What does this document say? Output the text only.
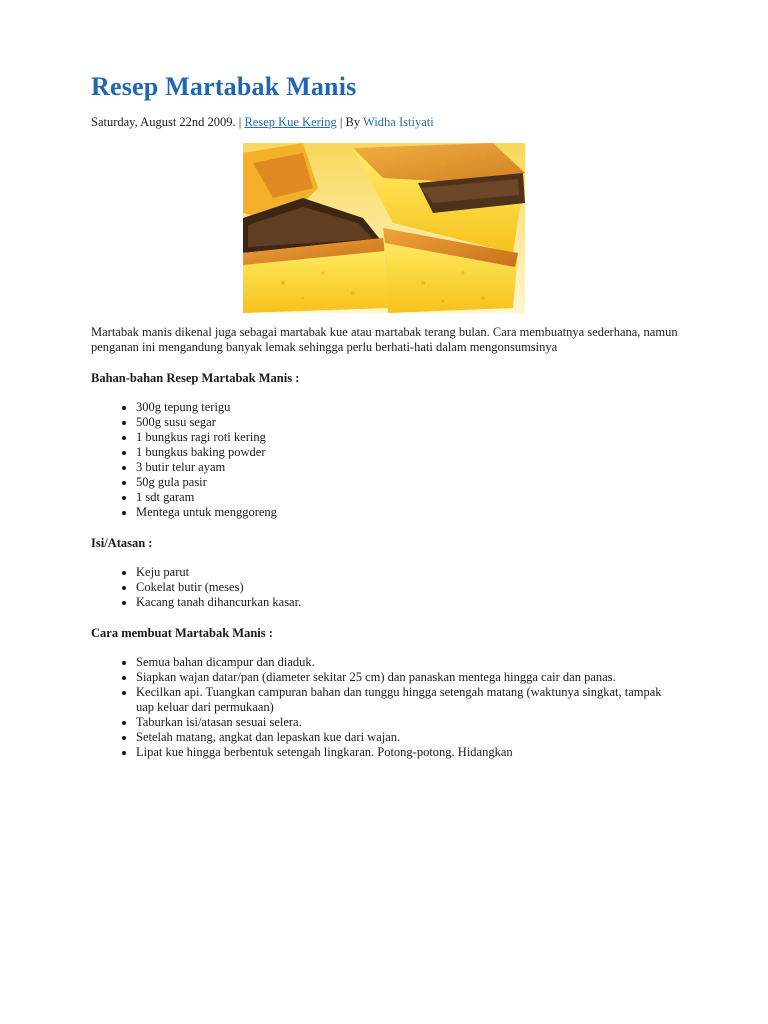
Resep Martabak Manis
Saturday, August 22nd 2009. | Resep Kue Kering | By Widha Istiyati

Martabak manis dikenal juga sebagai martabak kue atau martabak terang bulan. Cara membuatnya sederhana, namun penganan ini mengandung banyak lemak sehingga perlu berhati-hati dalam mengonsumsinya

Bahan-bahan Resep Martabak Manis :

• 300g tepung terigu
• 500g susu segar
• 1 bungkus ragi roti kering
• 1 bungkus baking powder
• 3 butir telur ayam
• 50g gula pasir
• 1 sdt garam
• Mentega untuk menggoreng

Isi/Atasan :

• Keju parut
• Cokelat butir (meses)
• Kacang tanah dihancurkan kasar.

Cara membuat Martabak Manis :

• Semua bahan dicampur dan diaduk.
• Siapkan wajan datar/pan (diameter sekitar 25 cm) dan panaskan mentega hingga cair dan panas.
• Kecilkan api. Tuangkan campuran bahan dan tunggu hingga setengah matang (waktunya singkat, tampak uap keluar dari permukaan)
• Taburkan isi/atasan sesuai selera.
• Setelah matang, angkat dan lepaskan kue dari wajan.
• Lipat kue hingga berbentuk setengah lingkaran. Potong-potong. Hidangkan
